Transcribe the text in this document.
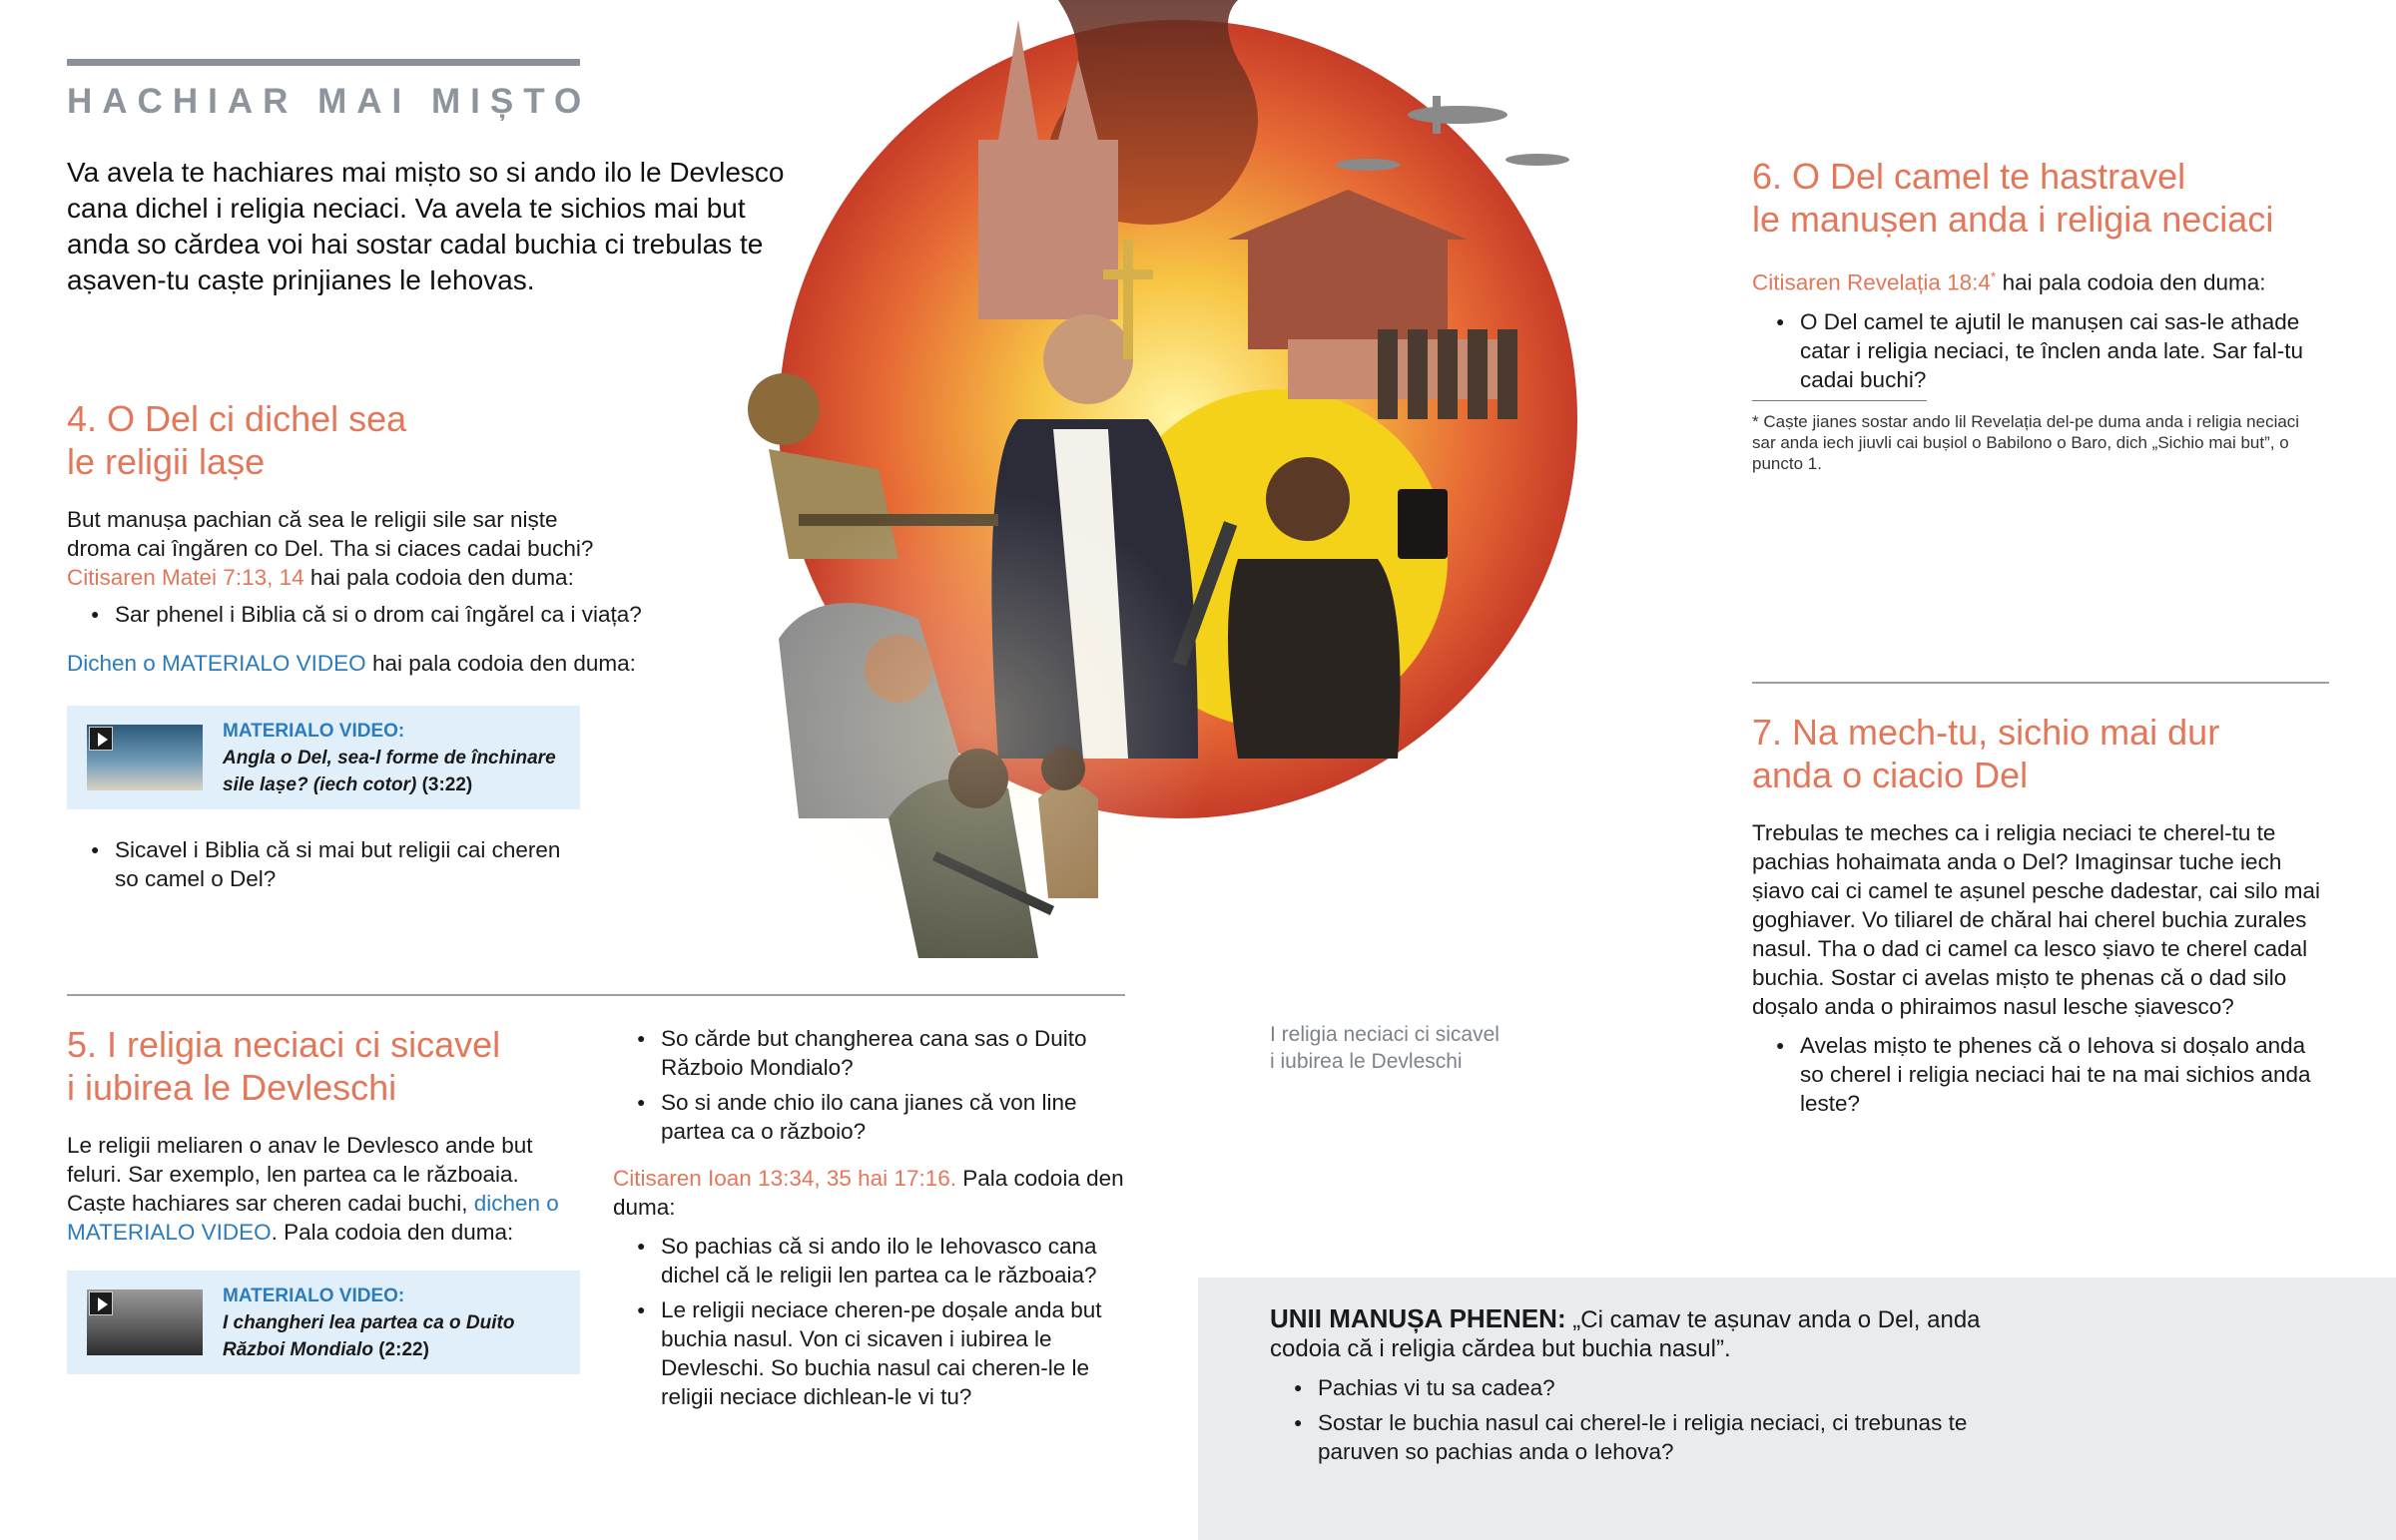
HACHIAR MAI MIȘTO
Va avela te hachiares mai miṣto so si ando ilo le Devlesco cana dichel i religia neciaci. Va avela te sichios mai but anda so cărdea voi hai sostar cadal buchia ci trebulas te aṣaven-tu caṣte prinjianes le Iehovas.
I religia neciaci ci sicavel
i iubirea le Devleschi
4. O Del ci dichel sea
le religii laṣe
But manuṣa pachian că sea le religii sile sar niṣte droma cai îngăren co Del. Tha si ciaces cadai buchi? Citisaren Matei 7:13, 14 hai pala codoia den duma:
● Sar phenel i Biblia că si o drom cai îngărel ca i viața?
Dichen o MATERIALO VIDEO hai pala codoia den duma:
MATERIALO VIDEO:
Angla o Del, sea-l forme de închinare sile laṣe? (iech cotor) (3:22)
● Sicavel i Biblia că si mai but religii cai cheren so camel o Del?
5. I religia neciaci ci sicavel
i iubirea le Devleschi
Le religii meliaren o anav le Devlesco ande but feluri. Sar exemplo, len partea ca le războaia. Caṣte hachiares sar cheren cadai buchi, dichen o MATERIALO VIDEO. Pala codoia den duma:
MATERIALO VIDEO:
I changheri lea partea ca o Duito Război Mondialo (2:22)
● So cărde but changherea cana sas o Duito Războio Mondialo?
● So si ande chio ilo cana jianes că von line partea ca o războio?
Citisaren Ioan 13:34, 35 hai 17:16. Pala codoia den duma:
● So pachias că si ando ilo le Iehovasco cana dichel că le religii len partea ca le războaia?
● Le religii neciace cheren-pe doṣale anda but buchia nasul. Von ci sicaven i iubirea le Devleschi. So buchia nasul cai cheren-le le religii neciace dichlean-le vi tu?
6. O Del camel te hastravel
le manuṣen anda i religia neciaci
Citisaren Revelația 18:4* hai pala codoia den duma:
● O Del camel te ajutil le manuṣen cai sas-le athade catar i religia neciaci, te înclen anda late. Sar fal-tu cadai buchi?
* Caṣte jianes sostar ando lil Revelația del-pe duma anda i religia neciaci sar anda iech jiuvli cai buṣiol o Babilono o Baro, dich „Sichio mai but”, o puncto 1.
7. Na mech-tu, sichio mai dur
anda o ciacio Del
Trebulas te meches ca i religia neciaci te cherel-tu te pachias hohaimata anda o Del? Imaginsar tuche iech ṣiavo cai ci camel te aṣunel pesche dadestar, cai silo mai goghiaver. Vo tiliarel de chăral hai cherel buchia zurales nasul. Tha o dad ci camel ca lesco ṣiavo te cherel cadal buchia. Sostar ci avelas miṣto te phenas că o dad silo doṣalo anda o phiraimos nasul lesche ṣiavesco?
● Avelas miṣto te phenes că o Iehova si doṣalo anda so cherel i religia neciaci hai te na mai sichios anda leste?
UNII MANUȘA PHENEN: „Ci camav te aṣunav anda o Del, anda codoia că i religia cărdea but buchia nasul”.
● Pachias vi tu sa cadea?
● Sostar le buchia nasul cai cherel-le i religia neciaci, ci trebunas te paruven so pachias anda o Iehova?
